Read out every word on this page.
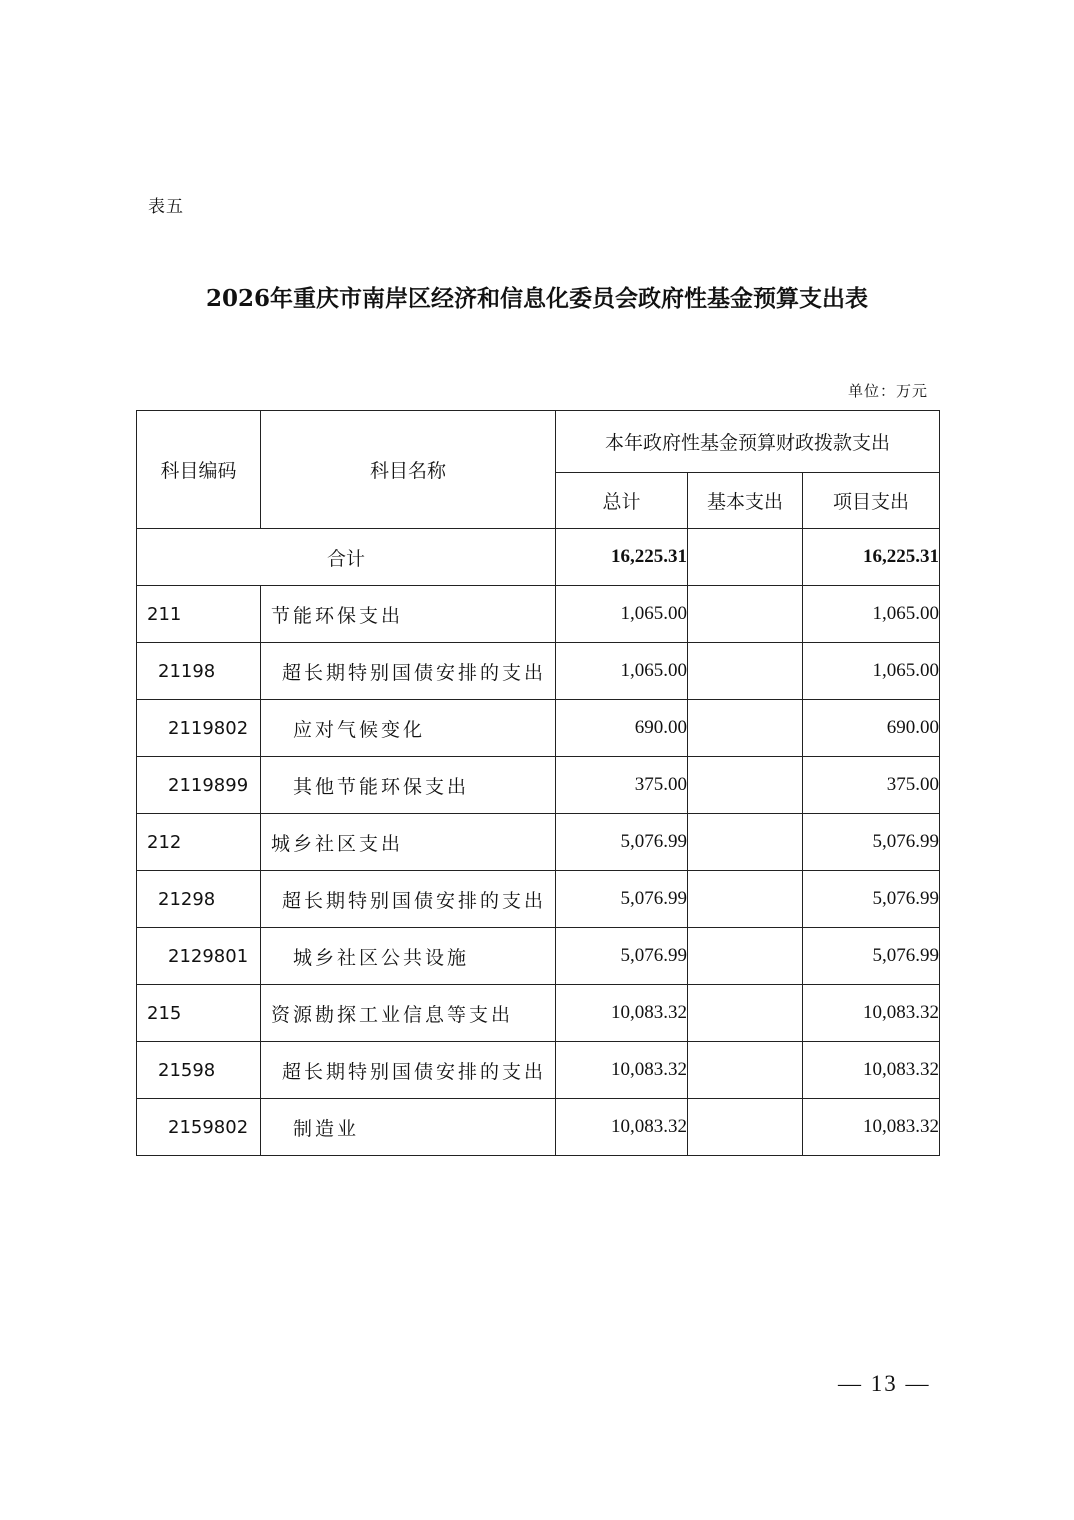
表五
2026年重庆市南岸区经济和信息化委员会政府性基金预算支出表
单位：万元
科目编码	科目名称	本年政府性基金预算财政拨款支出		
		总计	基本支出	项目支出
合计		16,225.31		16,225.31
211	节能环保支出	1,065.00		1,065.00
21198	超长期特别国债安排的支出	1,065.00		1,065.00
2119802	应对气候变化	690.00		690.00
2119899	其他节能环保支出	375.00		375.00
212	城乡社区支出	5,076.99		5,076.99
21298	超长期特别国债安排的支出	5,076.99		5,076.99
2129801	城乡社区公共设施	5,076.99		5,076.99
215	资源勘探工业信息等支出	10,083.32		10,083.32
21598	超长期特别国债安排的支出	10,083.32		10,083.32
2159802	制造业	10,083.32		10,083.32
— 13 —
